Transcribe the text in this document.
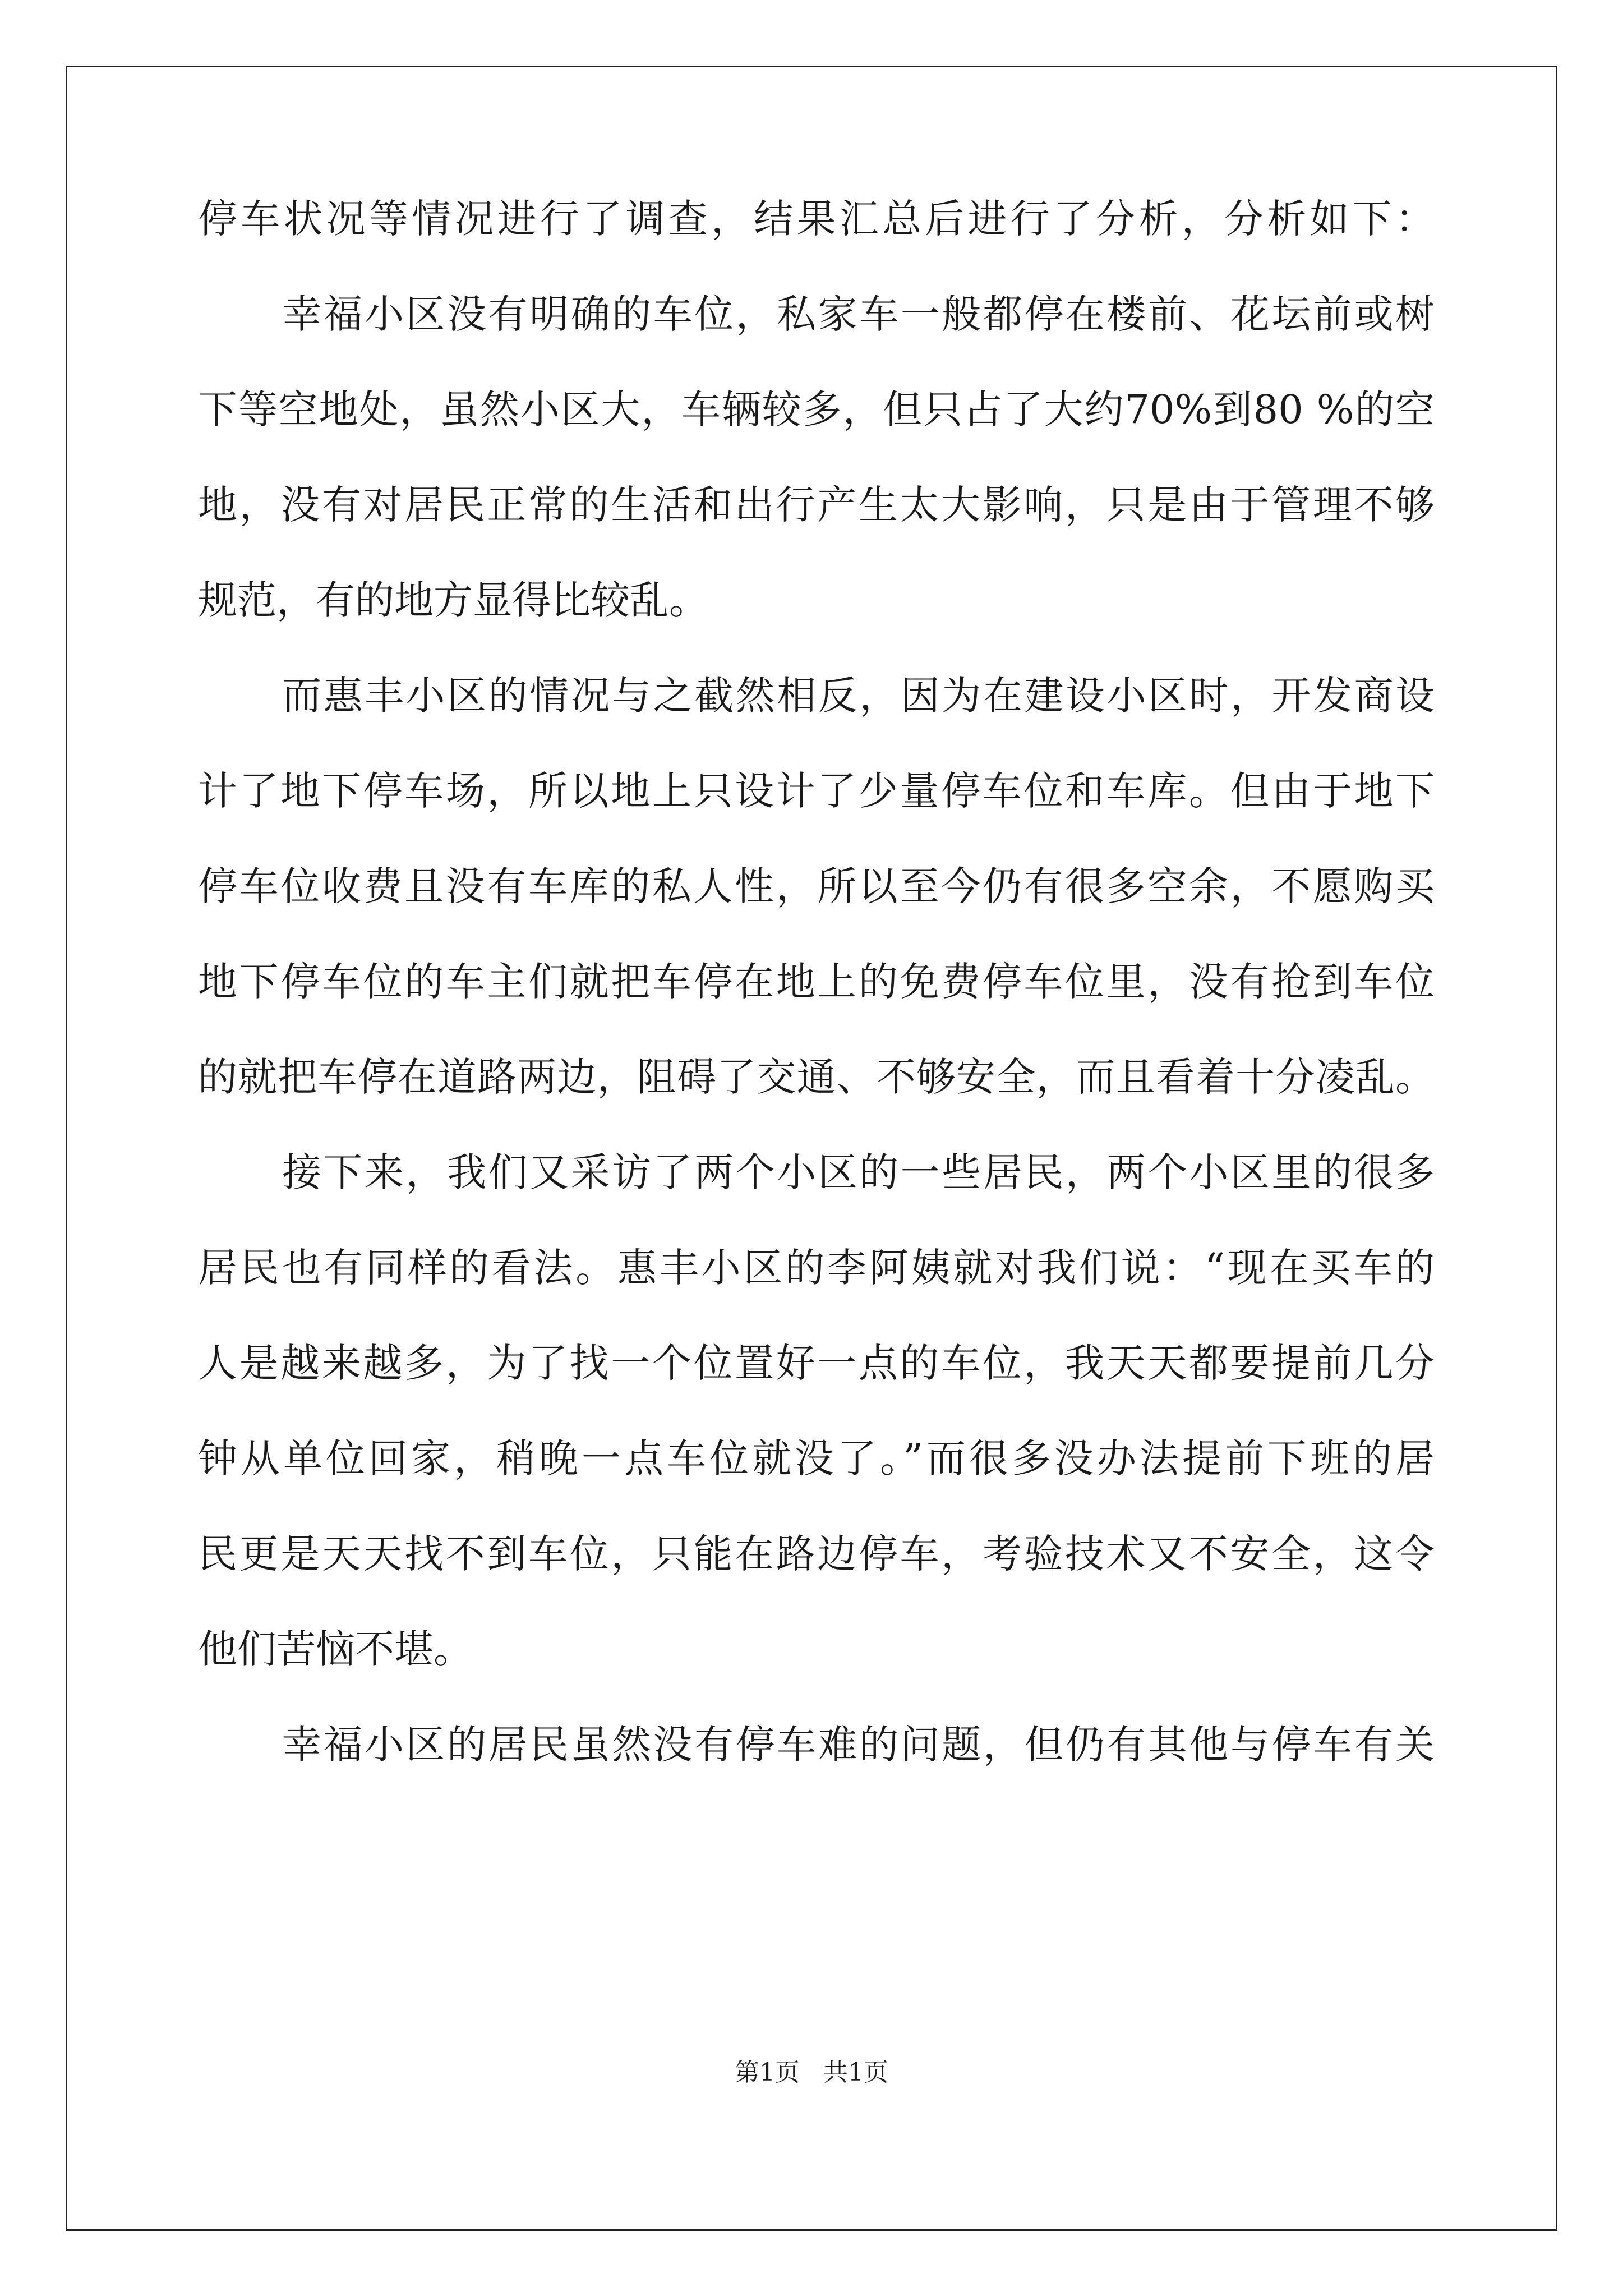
停车状况等情况进行了调查，结果汇总后进行了分析，分析如下：
幸福小区没有明确的车位，私家车一般都停在楼前、花坛前或树
下等空地处，虽然小区大，车辆较多，但只占了大约70%到80 %的空
地，没有对居民正常的生活和出行产生太大影响，只是由于管理不够
规范，有的地方显得比较乱。
而惠丰小区的情况与之截然相反，因为在建设小区时，开发商设
计了地下停车场，所以地上只设计了少量停车位和车库。但由于地下
停车位收费且没有车库的私人性，所以至今仍有很多空余，不愿购买
地下停车位的车主们就把车停在地上的免费停车位里，没有抢到车位
的就把车停在道路两边，阻碍了交通、不够安全，而且看着十分凌乱。
接下来，我们又采访了两个小区的一些居民，两个小区里的很多
居民也有同样的看法。惠丰小区的李阿姨就对我们说：“现在买车的
人是越来越多，为了找一个位置好一点的车位，我天天都要提前几分
钟从单位回家，稍晚一点车位就没了。”而很多没办法提前下班的居
民更是天天找不到车位，只能在路边停车，考验技术又不安全，这令
他们苦恼不堪。
幸福小区的居民虽然没有停车难的问题，但仍有其他与停车有关
第1页   共1页
